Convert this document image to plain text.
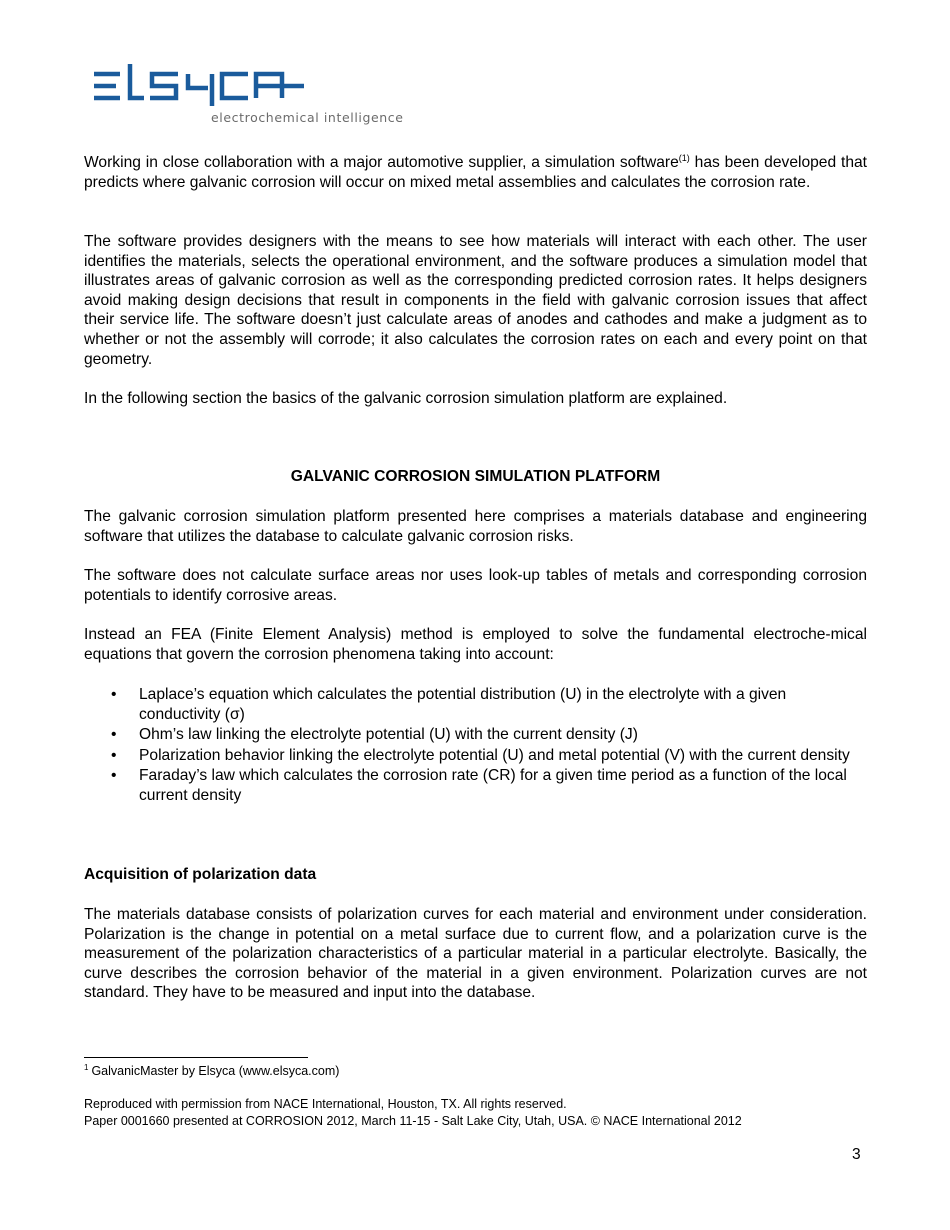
electrochemical intelligence

Working in close collaboration with a major automotive supplier, a simulation software$^{(1)}$ has been developed that predicts where galvanic corrosion will occur on mixed metal assemblies and calculates the corrosion rate.

The software provides designers with the means to see how materials will interact with each other. The user identifies the materials, selects the operational environment, and the software produces a simulation model that illustrates areas of galvanic corrosion as well as the corresponding predicted corrosion rates. It helps designers avoid making design decisions that result in components in the field with galvanic corrosion issues that affect their service life. The software doesn’t just calculate areas of anodes and cathodes and make a judgment as to whether or not the assembly will corrode; it also calculates the corrosion rates on each and every point on that geometry.

In the following section the basics of the galvanic corrosion simulation platform are explained.

GALVANIC CORROSION SIMULATION PLATFORM

The galvanic corrosion simulation platform presented here comprises a materials database and engineering software that utilizes the database to calculate galvanic corrosion risks.

The software does not calculate surface areas nor uses look-up tables of metals and corresponding corrosion potentials to identify corrosive areas.

Instead an FEA (Finite Element Analysis) method is employed to solve the fundamental electroche-mical equations that govern the corrosion phenomena taking into account:

• Laplace’s equation which calculates the potential distribution (U) in the electrolyte with a given conductivity (σ)
• Ohm’s law linking the electrolyte potential (U) with the current density (J)
• Polarization behavior linking the electrolyte potential (U) and metal potential (V) with the current density
• Faraday’s law which calculates the corrosion rate (CR) for a given time period as a function of the local current density

Acquisition of polarization data

The materials database consists of polarization curves for each material and environment under consideration. Polarization is the change in potential on a metal surface due to current flow, and a polarization curve is the measurement of the polarization characteristics of a particular material in a particular electrolyte. Basically, the curve describes the corrosion behavior of the material in a given environment. Polarization curves are not standard. They have to be measured and input into the database.

$^1$ GalvanicMaster by Elsyca (www.elsyca.com)
Reproduced with permission from NACE International, Houston, TX. All rights reserved.
Paper 0001660 presented at CORROSION 2012, March 11-15 - Salt Lake City, Utah, USA. © NACE International 2012
3
